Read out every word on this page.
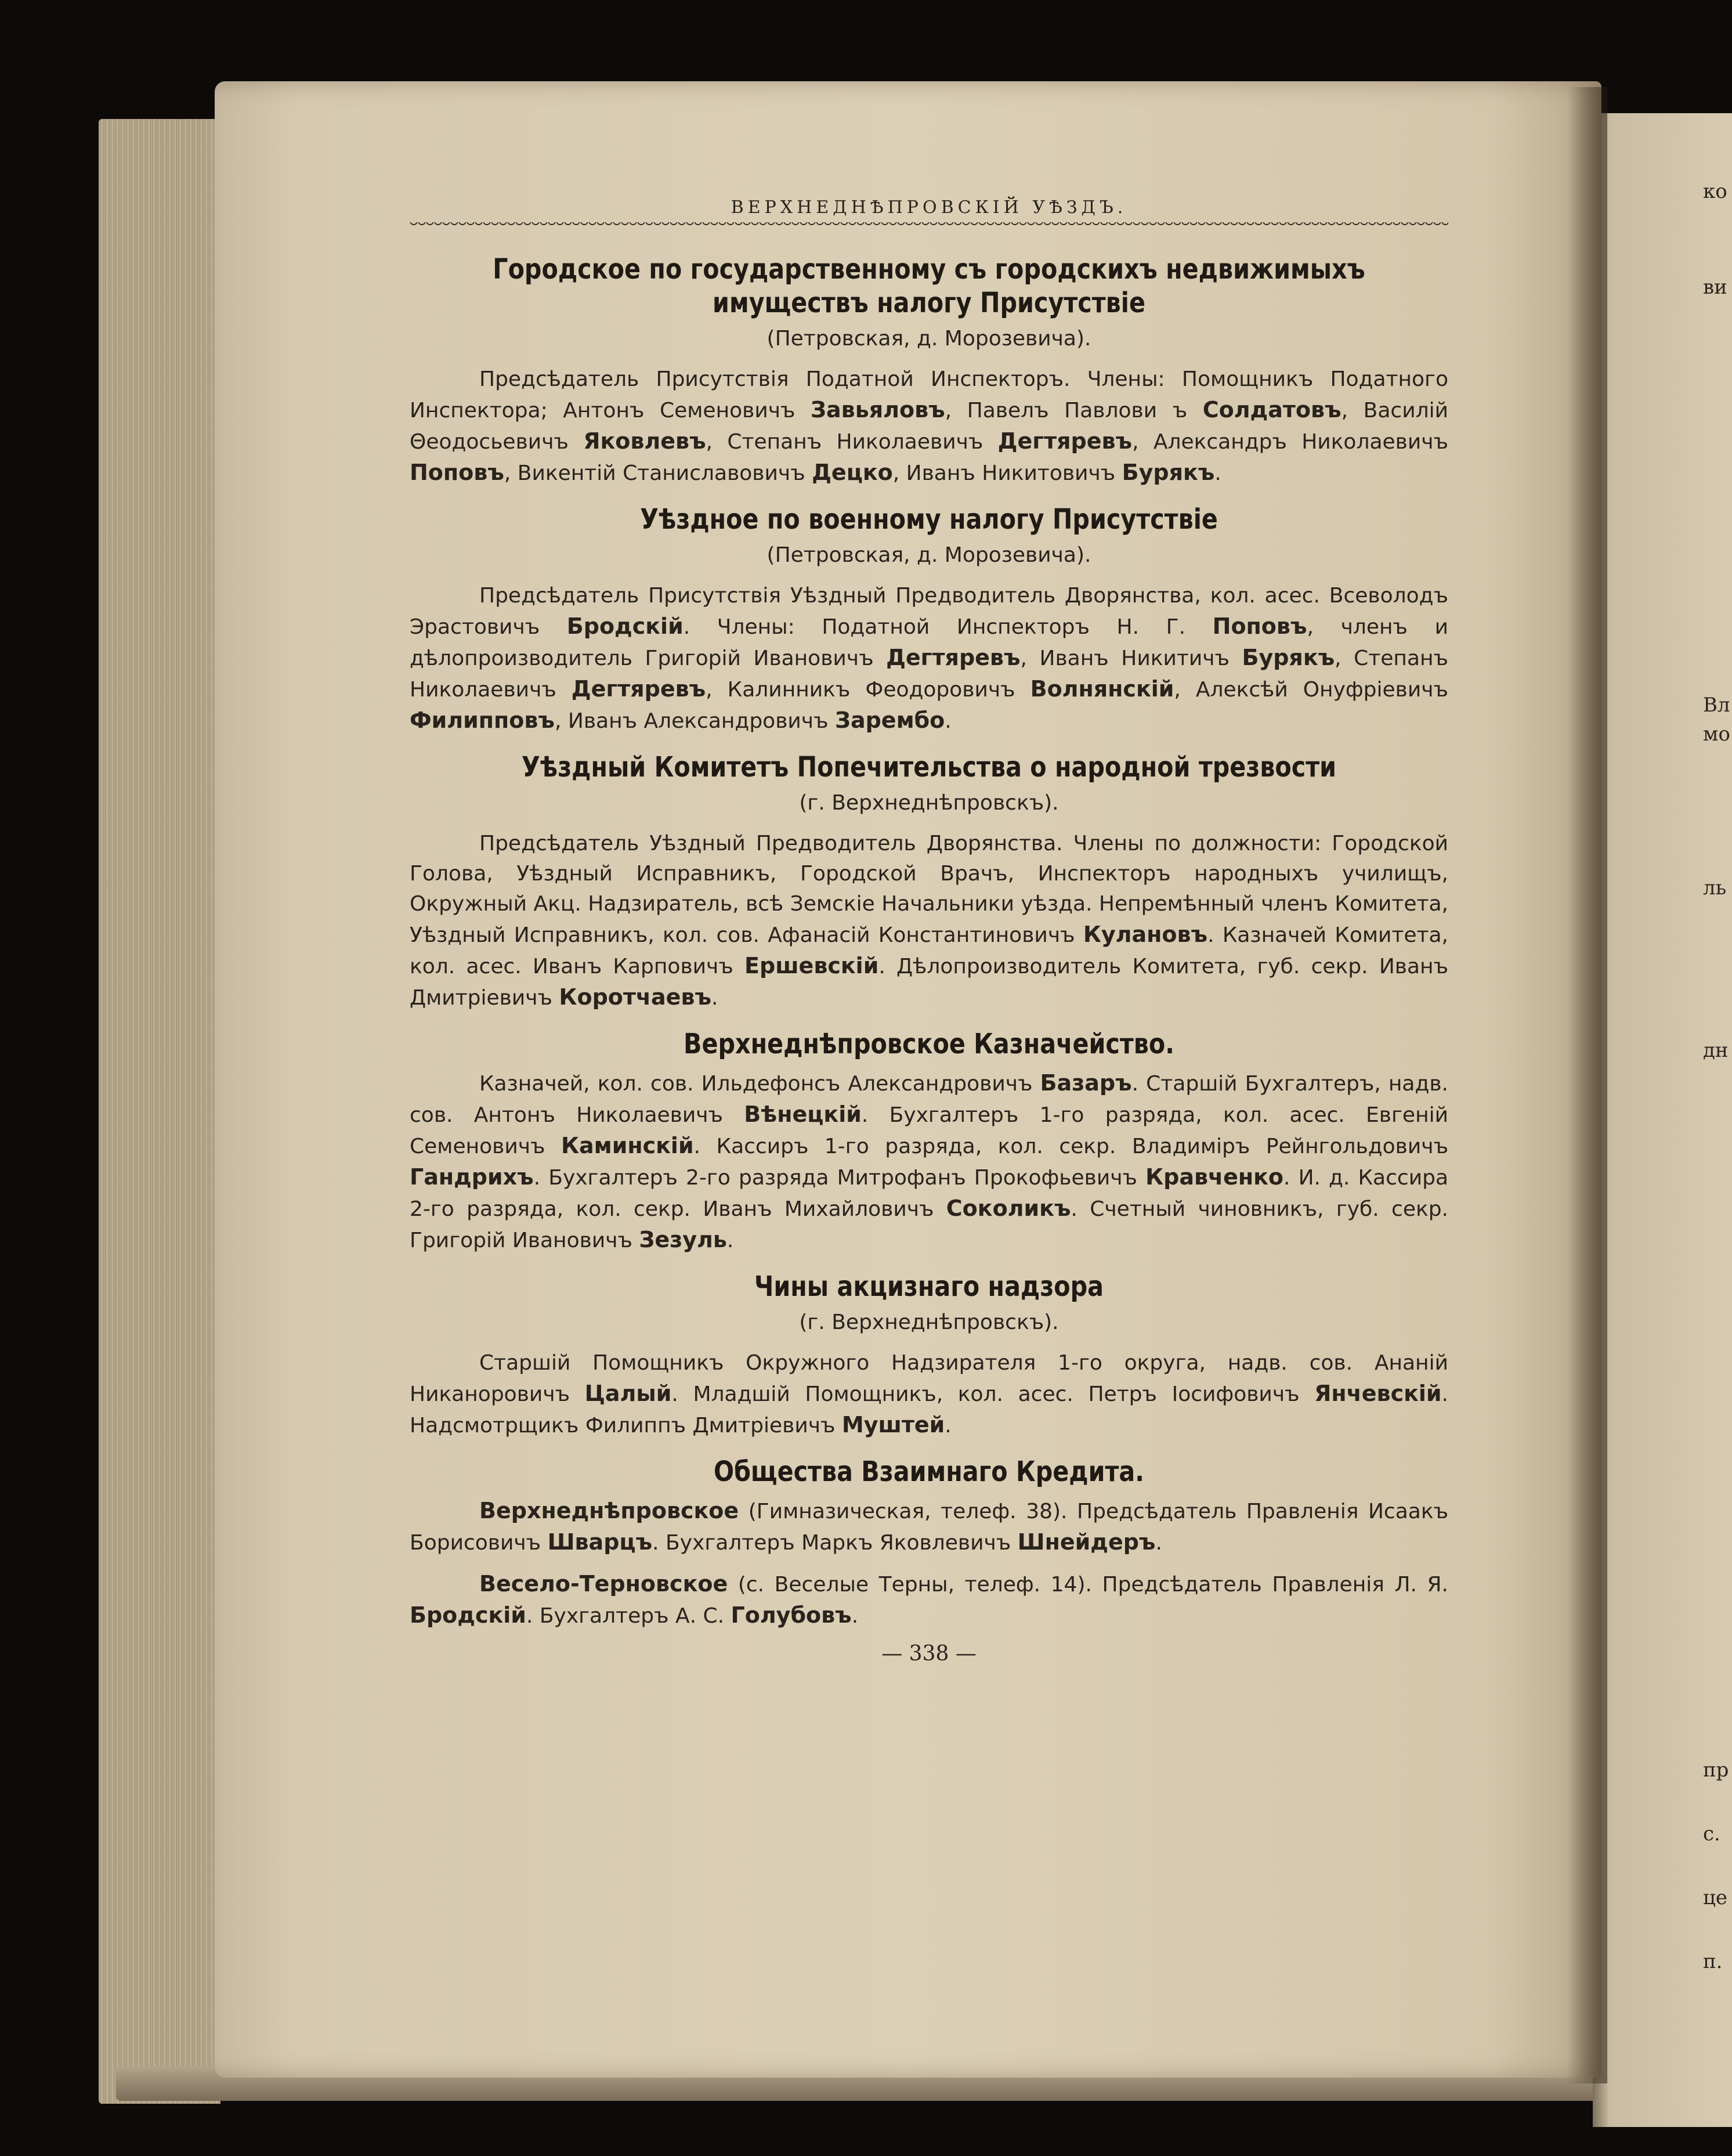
ко
ви
Вл
мо
ль
дн
пр
с.
це
п.
ВЕРХНЕДНѢПРОВСКІЙ УѢЗДЪ.
Городское по государственному съ городскихъ недвижимыхъ имуществъ налогу Присутствіе
(Петровская, д. Морозевича).

Предсѣдатель Присутствія Податной Инспекторъ. Члены: Помощникъ Податного Инспектора; Антонъ Семеновичъ Завьяловъ, Павелъ Павлови ъ Солдатовъ, Василій Θеодосьевичъ Яковлевъ, Степанъ Николаевичъ Дегтяревъ, Александръ Николаевичъ Поповъ, Викентій Станиславовичъ Децко, Иванъ Никитовичъ Бурякъ.

Уѣздное по военному налогу Присутствіе
(Петровская, д. Морозевича).

Предсѣдатель Присутствія Уѣздный Предводитель Дворянства, кол. асес. Всеволодъ Эрастовичъ Бродскій. Члены: Податной Инспекторъ Н. Г. Поповъ, членъ и дѣлопроизводитель Григорій Ивановичъ Дегтяревъ, Иванъ Никитичъ Бурякъ, Степанъ Николаевичъ Дегтяревъ, Калинникъ Феодоровичъ Волнянскій, Алексѣй Онуфріевичъ Филипповъ, Иванъ Александровичъ Зарембо.

Уѣздный Комитетъ Попечительства о народной трезвости
(г. Верхнеднѣпровскъ).

Предсѣдатель Уѣздный Предводитель Дворянства. Члены по должности: Городской Голова, Уѣздный Исправникъ, Городской Врачъ, Инспекторъ народныхъ училищъ, Окружный Акц. Надзиратель, всѣ Земскіе Начальники уѣзда. Непремѣнный членъ Комитета, Уѣздный Исправникъ, кол. сов. Афанасій Константиновичъ Кулановъ. Казначей Комитета, кол. асес. Иванъ Карповичъ Ершевскій. Дѣлопроизводитель Комитета, губ. секр. Иванъ Дмитріевичъ Коротчаевъ.

Верхнеднѣпровское Казначейство.

Казначей, кол. сов. Ильдефонсъ Александровичъ Базаръ. Старшій Бухгалтеръ, надв. сов. Антонъ Николаевичъ Вѣнецкій. Бухгалтеръ 1-го разряда, кол. асес. Евгеній Семеновичъ Каминскій. Кассиръ 1-го разряда, кол. секр. Владиміръ Рейнгольдовичъ Гандрихъ. Бухгалтеръ 2-го разряда Митрофанъ Прокофьевичъ Кравченко. И. д. Кассира 2-го разряда, кол. секр. Иванъ Михайловичъ Соколикъ. Счетный чиновникъ, губ. секр. Григорій Ивановичъ Зезуль.

Чины акцизнаго надзора
(г. Верхнеднѣпровскъ).

Старшій Помощникъ Окружного Надзирателя 1-го округа, надв. сов. Ананій Никаноровичъ Цалый. Младшій Помощникъ, кол. асес. Петръ Іосифовичъ Янчевскій. Надсмотрщикъ Филиппъ Дмитріевичъ Муштей.

Общества Взаимнаго Кредита.

Верхнеднѣпровское (Гимназическая, телеф. 38). Предсѣдатель Правленія Исаакъ Борисовичъ Шварцъ. Бухгалтеръ Маркъ Яковлевичъ Шнейдеръ.

Весело-Терновское (с. Веселые Терны, телеф. 14). Предсѣдатель Правленія Л. Я. Бродскій. Бухгалтеръ А. С. Голубовъ.

— 338 —
